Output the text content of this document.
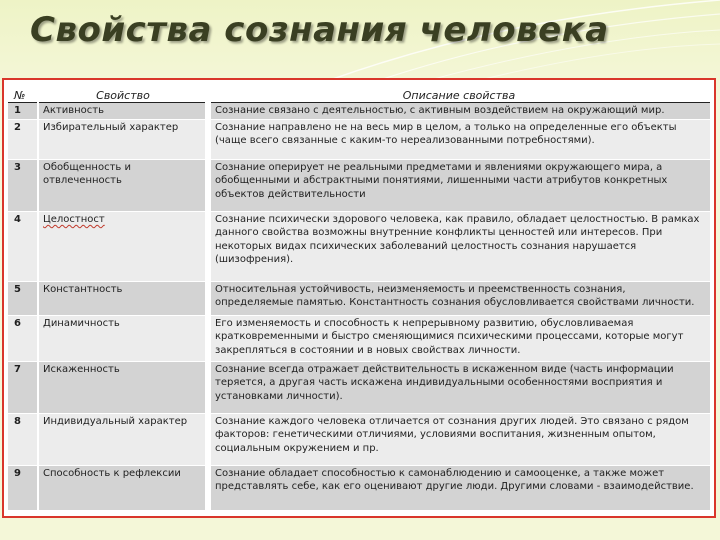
Свойства сознания человека
№	Свойство	Описание свойства
1	Активность	Сознание связано с деятельностью, с активным воздействием на окружающий мир.
2	Избирательный характер	Сознание направлено не на весь мир в целом, а только на определенные его объекты (чаще всего связанные с каким-то нереализованными потребностями).
3	Обобщенность и отвлеченность	Сознание оперирует не реальными предметами и явлениями окружающего мира, а обобщенными и абстрактными понятиями, лишенными части атрибутов конкретных объектов действительности
4	Целостност	Сознание психически здорового человека, как правило, обладает целостностью. В рамках данного свойства возможны внутренние конфликты ценностей или интересов. При некоторых видах психических заболеваний целостность сознания нарушается (шизофрения).
5	Константность	Относительная устойчивость, неизменяемость и преемственность сознания, определяемые памятью. Константность сознания обусловливается свойствами личности.
6	Динамичность	Его изменяемость и способность к непрерывному развитию, обусловливаемая кратковременными и быстро сменяющимися психическими процессами, которые могут закрепляться в состоянии и в новых свойствах личности.
7	Искаженность	Сознание всегда отражает действительность в искаженном виде (часть информации теряется, а другая часть искажена индивидуальными особенностями восприятия и установками личности).
8	Индивидуальный характер	Сознание каждого человека отличается от сознания других людей. Это связано с рядом факторов: генетическими отличиями, условиями воспитания, жизненным опытом, социальным окружением и пр.
9	Способность к рефлексии	Сознание обладает способностью к самонаблюдению и самооценке, а также может представлять себе, как его оценивают другие люди. Другими словами - взаимодействие.
